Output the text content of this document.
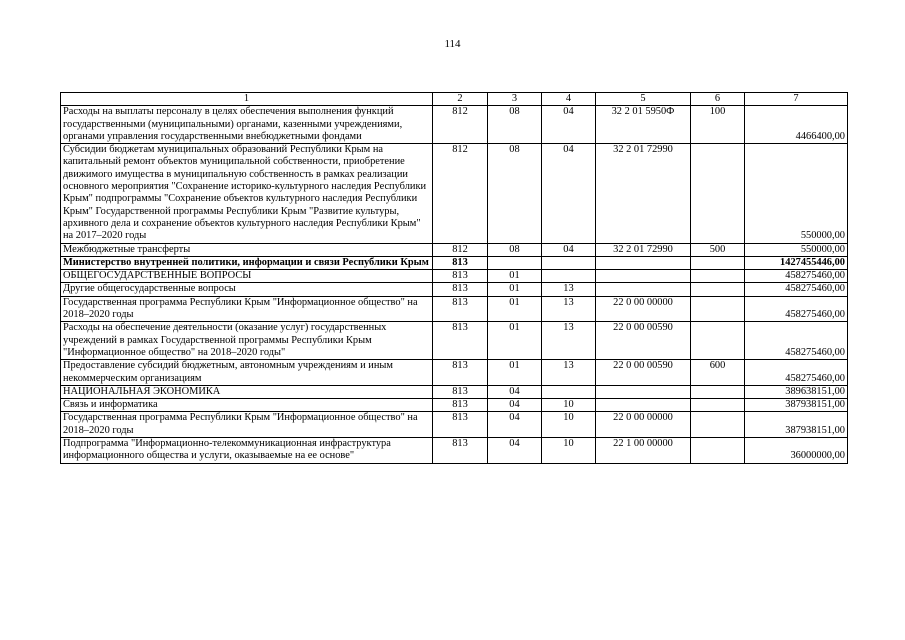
114
1	2	3	4	5	6	7
Расходы на выплаты персоналу в целях обеспечения выполнения функций государственными (муниципальными) органами, казенными учреждениями, органами управления государственными внебюджетными фондами	812	08	04	32 2 01 5950Ф	100	4466400,00
Субсидии бюджетам муниципальных образований Республики Крым на капитальный ремонт объектов муниципальной собственности, приобретение движимого имущества в муниципальную собственность в рамках реализации основного мероприятия "Сохранение историко-культурного наследия Республики Крым" подпрограммы "Сохранение объектов культурного наследия Республики Крым" Государственной программы Республики Крым "Развитие культуры, архивного дела и сохранение объектов культурного наследия Республики Крым" на 2017–2020 годы	812	08	04	32 2 01 72990		550000,00
Межбюджетные трансферты	812	08	04	32 2 01 72990	500	550000,00
Министерство внутренней политики, информации и связи Республики Крым	813					1427455446,00
ОБЩЕГОСУДАРСТВЕННЫЕ ВОПРОСЫ	813	01				458275460,00
Другие общегосударственные вопросы	813	01	13			458275460,00
Государственная программа Республики Крым "Информационное общество" на 2018–2020 годы	813	01	13	22 0 00 00000		458275460,00
Расходы на обеспечение деятельности (оказание услуг) государственных учреждений в рамках Государственной программы Республики Крым "Информационное общество" на 2018–2020 годы"	813	01	13	22 0 00 00590		458275460,00
Предоставление субсидий бюджетным, автономным учреждениям и иным некоммерческим организациям	813	01	13	22 0 00 00590	600	458275460,00
НАЦИОНАЛЬНАЯ ЭКОНОМИКА	813	04				389638151,00
Связь и информатика	813	04	10			387938151,00
Государственная программа Республики Крым "Информационное общество" на 2018–2020 годы	813	04	10	22 0 00 00000		387938151,00
Подпрограмма "Информационно-телекоммуникационная инфраструктура информационного общества и услуги, оказываемые на ее основе"	813	04	10	22 1 00 00000		36000000,00
